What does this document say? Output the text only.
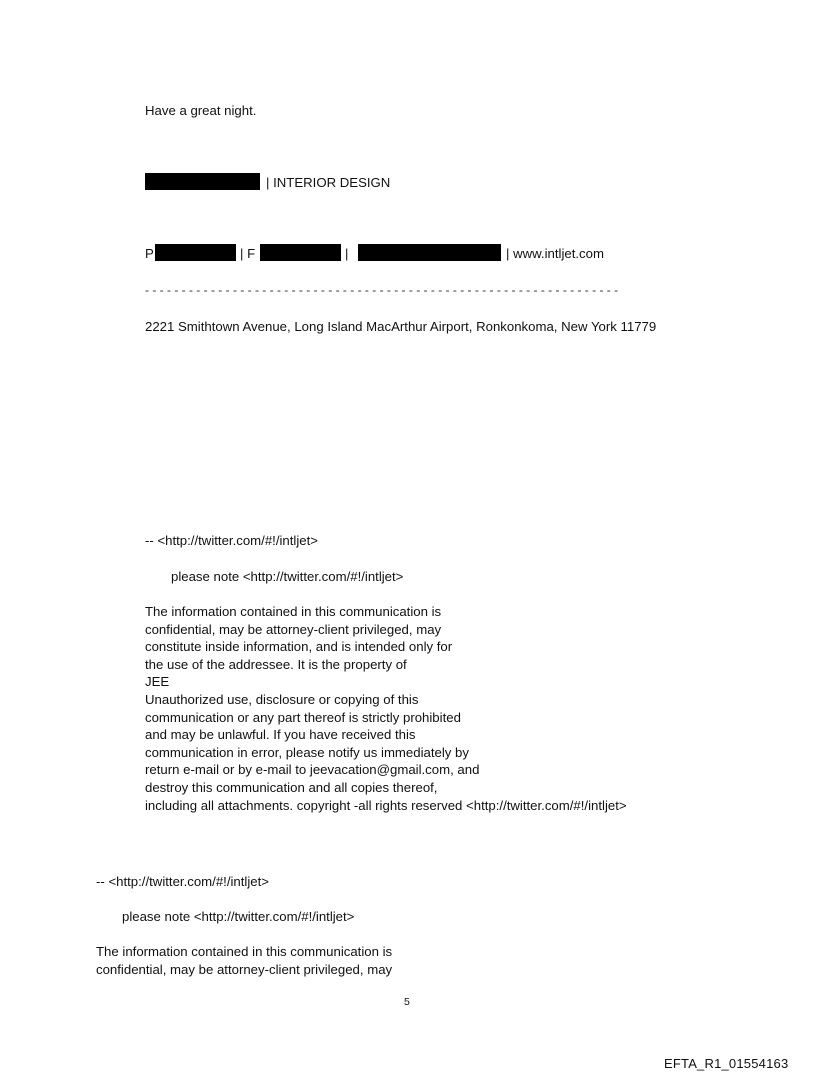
Have a great night.
| INTERIOR DESIGN
P	| F	|	| www.intljet.com
- - - - - - - - - - - - - - - - - - - - - - - - - - - - - - - - - - - - - - - - - - - - - - - - - - - - - - - - - - - - - - - - -
2221 Smithtown Avenue, Long Island MacArthur Airport, Ronkonkoma, New York 11779
-- <http://twitter.com/#!/intljet>
please note <http://twitter.com/#!/intljet>
The information contained in this communication is
confidential, may be attorney-client privileged, may
constitute inside information, and is intended only for
the use of the addressee. It is the property of
JEE
Unauthorized use, disclosure or copying of this
communication or any part thereof is strictly prohibited
and may be unlawful. If you have received this
communication in error, please notify us immediately by
return e-mail or by e-mail to jeevacation@gmail.com, and
destroy this communication and all copies thereof,
including all attachments. copyright -all rights reserved <http://twitter.com/#!/intljet>
-- <http://twitter.com/#!/intljet>
please note <http://twitter.com/#!/intljet>
The information contained in this communication is
confidential, may be attorney-client privileged, may
5
EFTA_R1_01554163
